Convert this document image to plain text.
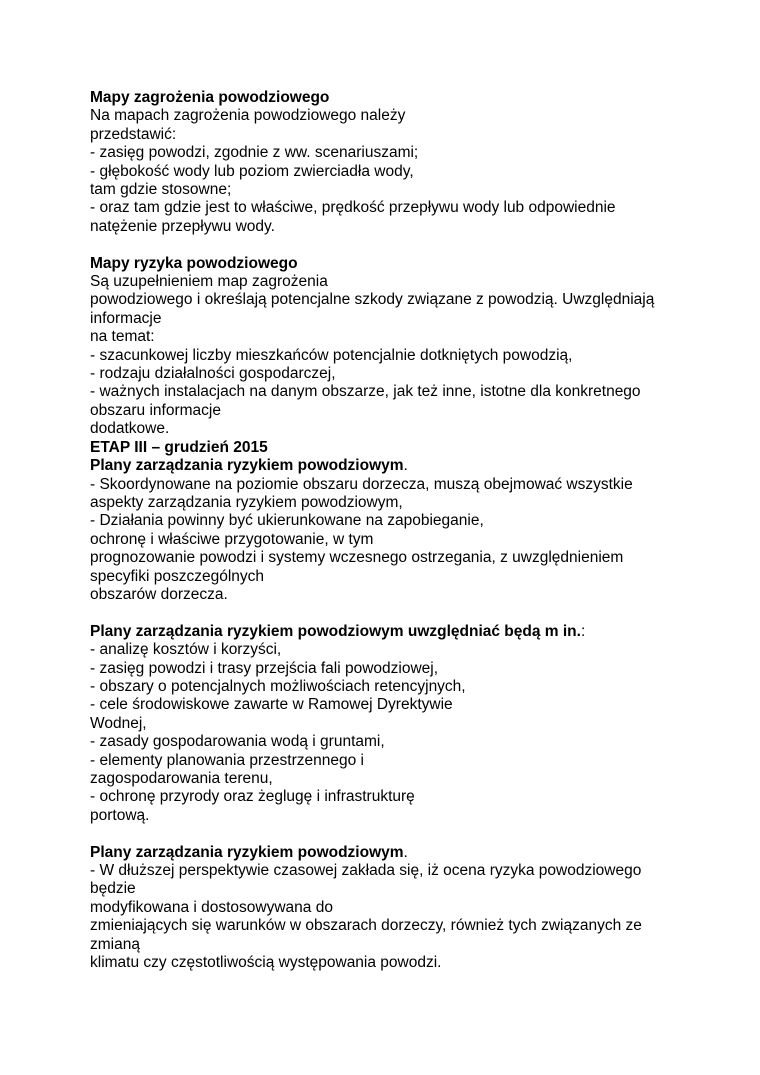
Mapy zagrożenia powodziowego
Na mapach zagrożenia powodziowego należy
przedstawić:
- zasięg powodzi, zgodnie z ww. scenariuszami;
- głębokość wody lub poziom zwierciadła wody,
tam gdzie stosowne;
- oraz tam gdzie jest to właściwe, prędkość przepływu wody lub odpowiednie
natężenie przepływu wody.
Mapy ryzyka powodziowego
Są uzupełnieniem map zagrożenia
powodziowego i określają potencjalne szkody związane z powodzią. Uwzględniają
informacje
na temat:
- szacunkowej liczby mieszkańców potencjalnie dotkniętych powodzią,
- rodzaju działalności gospodarczej,
- ważnych instalacjach na danym obszarze, jak też inne, istotne dla konkretnego
obszaru informacje
dodatkowe.
ETAP III – grudzień 2015
Plany zarządzania ryzykiem powodziowym.
- Skoordynowane na poziomie obszaru dorzecza, muszą obejmować wszystkie
aspekty zarządzania ryzykiem powodziowym,
- Działania powinny być ukierunkowane na zapobieganie,
ochronę i właściwe przygotowanie, w tym
prognozowanie powodzi i systemy wczesnego ostrzegania, z uwzględnieniem
specyfiki poszczególnych
obszarów dorzecza.
Plany zarządzania ryzykiem powodziowym uwzględniać będą m in.:
- analizę kosztów i korzyści,
- zasięg powodzi i trasy przejścia fali powodziowej,
- obszary o potencjalnych możliwościach retencyjnych,
- cele środowiskowe zawarte w Ramowej Dyrektywie
Wodnej,
- zasady gospodarowania wodą i gruntami,
- elementy planowania przestrzennego i
zagospodarowania terenu,
- ochronę przyrody oraz żeglugę i infrastrukturę
portową.
Plany zarządzania ryzykiem powodziowym.
- W dłuższej perspektywie czasowej zakłada się, iż ocena ryzyka powodziowego
będzie
modyfikowana i dostosowywana do
zmieniających się warunków w obszarach dorzeczy, również tych związanych ze
zmianą
klimatu czy częstotliwością występowania powodzi.
